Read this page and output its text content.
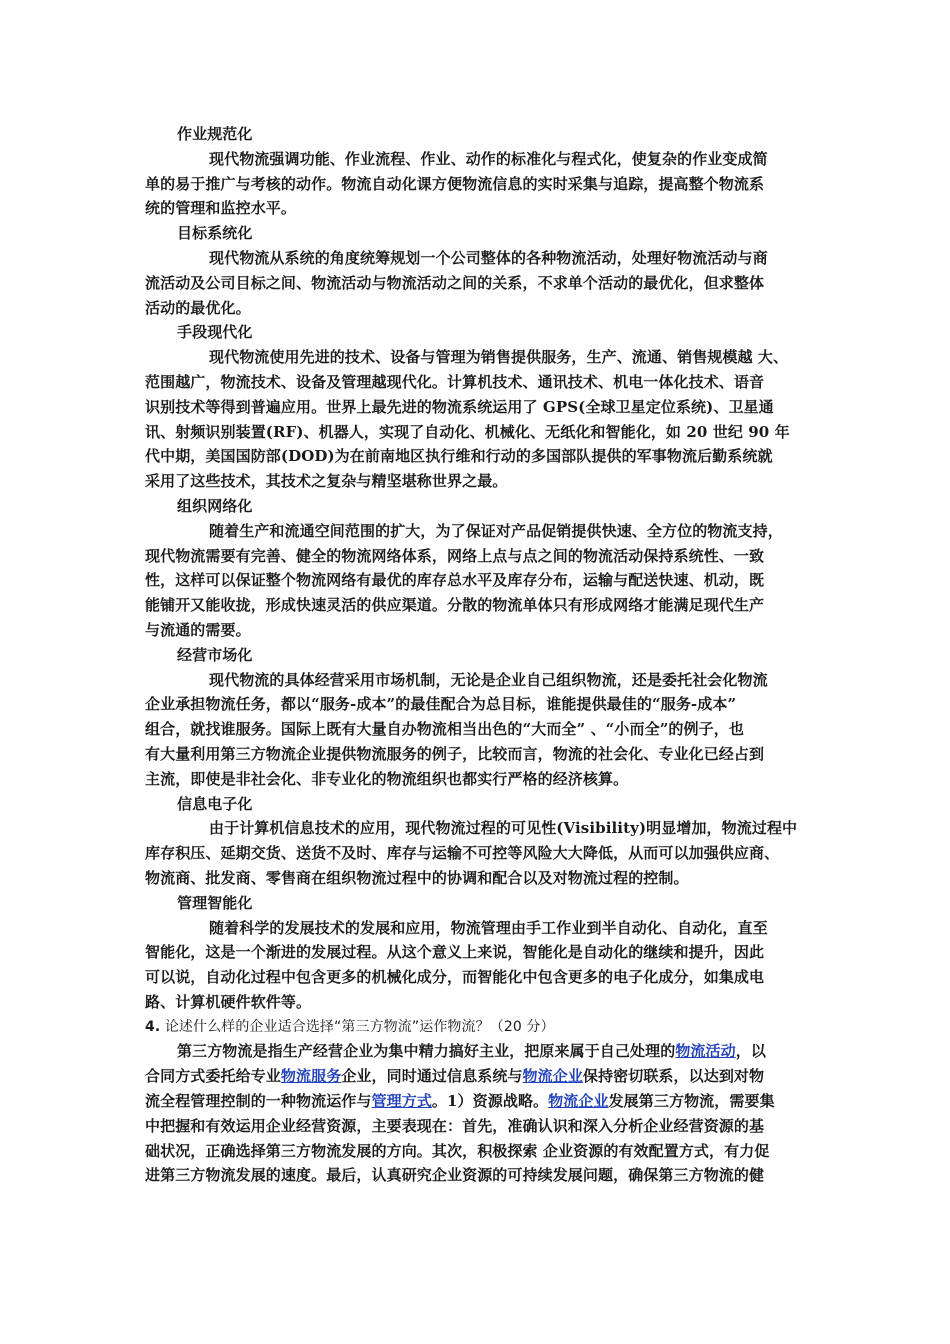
作业规范化
现代物流强调功能、作业流程、作业、动作的标准化与程式化，使复杂的作业变成简
单的易于推广与考核的动作。物流自动化课方便物流信息的实时采集与追踪，提高整个物流系
统的管理和监控水平。
目标系统化
现代物流从系统的角度统筹规划一个公司整体的各种物流活动，处理好物流活动与商
流活动及公司目标之间、物流活动与物流活动之间的关系，不求单个活动的最优化，但求整体
活动的最优化。
手段现代化
现代物流使用先进的技术、设备与管理为销售提供服务，生产、流通、销售规模越 大、
范围越广，物流技术、设备及管理越现代化。计算机技术、通讯技术、机电一体化技术、语音
识别技术等得到普遍应用。世界上最先进的物流系统运用了 GPS(全球卫星定位系统)、卫星通
讯、射频识别装置(RF)、机器人，实现了自动化、机械化、无纸化和智能化，如 20 世纪 90 年
代中期，美国国防部(DOD)为在前南地区执行维和行动的多国部队提供的军事物流后勤系统就
采用了这些技术，其技术之复杂与精坚堪称世界之最。
组织网络化
随着生产和流通空间范围的扩大，为了保证对产品促销提供快速、全方位的物流支持，
现代物流需要有完善、健全的物流网络体系，网络上点与点之间的物流活动保持系统性、一致
性，这样可以保证整个物流网络有最优的库存总水平及库存分布，运输与配送快速、机动，既
能铺开又能收拢，形成快速灵活的供应渠道。分散的物流单体只有形成网络才能满足现代生产
与流通的需要。
经营市场化
现代物流的具体经营采用市场机制，无论是企业自己组织物流，还是委托社会化物流
企业承担物流任务，都以“服务-成本”的最佳配合为总目标，谁能提供最佳的“服务-成本”
组合，就找谁服务。国际上既有大量自办物流相当出色的“大而全” 、“小而全”的例子，也
有大量利用第三方物流企业提供物流服务的例子，比较而言，物流的社会化、专业化已经占到
主流，即使是非社会化、非专业化的物流组织也都实行严格的经济核算。
信息电子化
由于计算机信息技术的应用，现代物流过程的可见性(Visibility)明显增加，物流过程中
库存积压、延期交货、送货不及时、库存与运输不可控等风险大大降低，从而可以加强供应商、
物流商、批发商、零售商在组织物流过程中的协调和配合以及对物流过程的控制。
管理智能化
随着科学的发展技术的发展和应用，物流管理由手工作业到半自动化、自动化，直至
智能化，这是一个渐进的发展过程。从这个意义上来说，智能化是自动化的继续和提升，因此
可以说，自动化过程中包含更多的机械化成分，而智能化中包含更多的电子化成分，如集成电
路、计算机硬件软件等。
4. 论述什么样的企业适合选择“第三方物流”运作物流？（20 分）
第三方物流是指生产经营企业为集中精力搞好主业，把原来属于自己处理的物流活动，以
合同方式委托给专业物流服务企业，同时通过信息系统与物流企业保持密切联系，以达到对物
流全程管理控制的一种物流运作与管理方式。1）资源战略。物流企业发展第三方物流，需要集
中把握和有效运用企业经营资源，主要表现在：首先，准确认识和深入分析企业经营资源的基
础状况，正确选择第三方物流发展的方向。其次，积极探索 企业资源的有效配置方式，有力促
进第三方物流发展的速度。最后，认真研究企业资源的可持续发展问题，确保第三方物流的健
